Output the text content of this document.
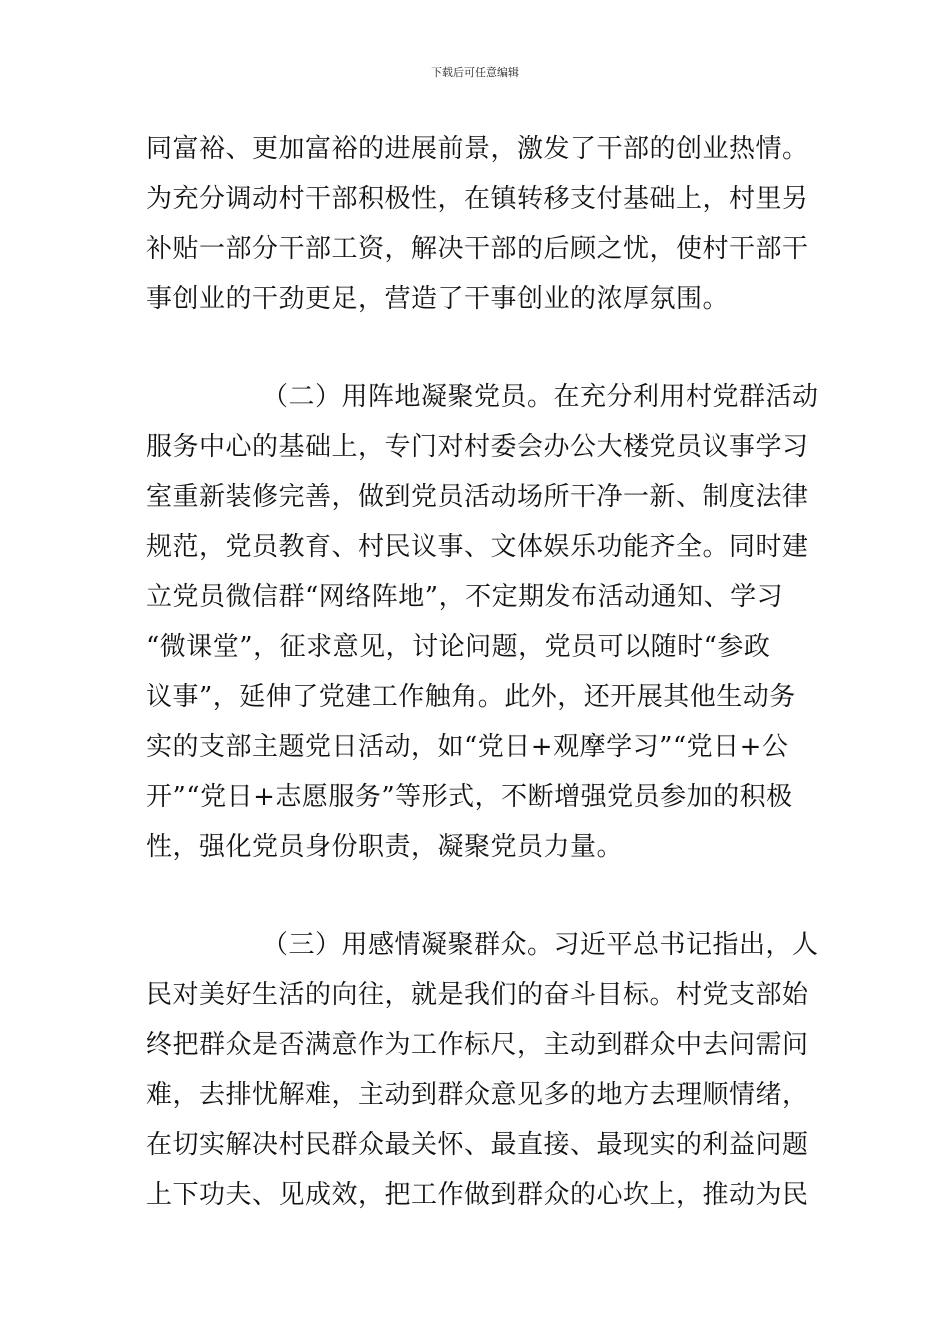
下载后可任意编辑
同富裕、更加富裕的进展前景，激发了干部的创业热情。
为充分调动村干部积极性，在镇转移支付基础上，村里另
补贴一部分干部工资，解决干部的后顾之忧，使村干部干
事创业的干劲更足，营造了干事创业的浓厚氛围。
（二）用阵地凝聚党员。在充分利用村党群活动
服务中心的基础上，专门对村委会办公大楼党员议事学习
室重新装修完善，做到党员活动场所干净一新、制度法律
规范，党员教育、村民议事、文体娱乐功能齐全。同时建
立党员微信群“网络阵地”，不定期发布活动通知、学习
“微课堂”，征求意见，讨论问题，党员可以随时“参政
议事”，延伸了党建工作触角。此外，还开展其他生动务
实的支部主题党日活动，如“党日+观摩学习”“党日+公
开”“党日+志愿服务”等形式，不断增强党员参加的积极
性，强化党员身份职责，凝聚党员力量。
（三）用感情凝聚群众。习近平总书记指出，人
民对美好生活的向往，就是我们的奋斗目标。村党支部始
终把群众是否满意作为工作标尺，主动到群众中去问需问
难，去排忧解难，主动到群众意见多的地方去理顺情绪，
在切实解决村民群众最关怀、最直接、最现实的利益问题
上下功夫、见成效，把工作做到群众的心坎上，推动为民
